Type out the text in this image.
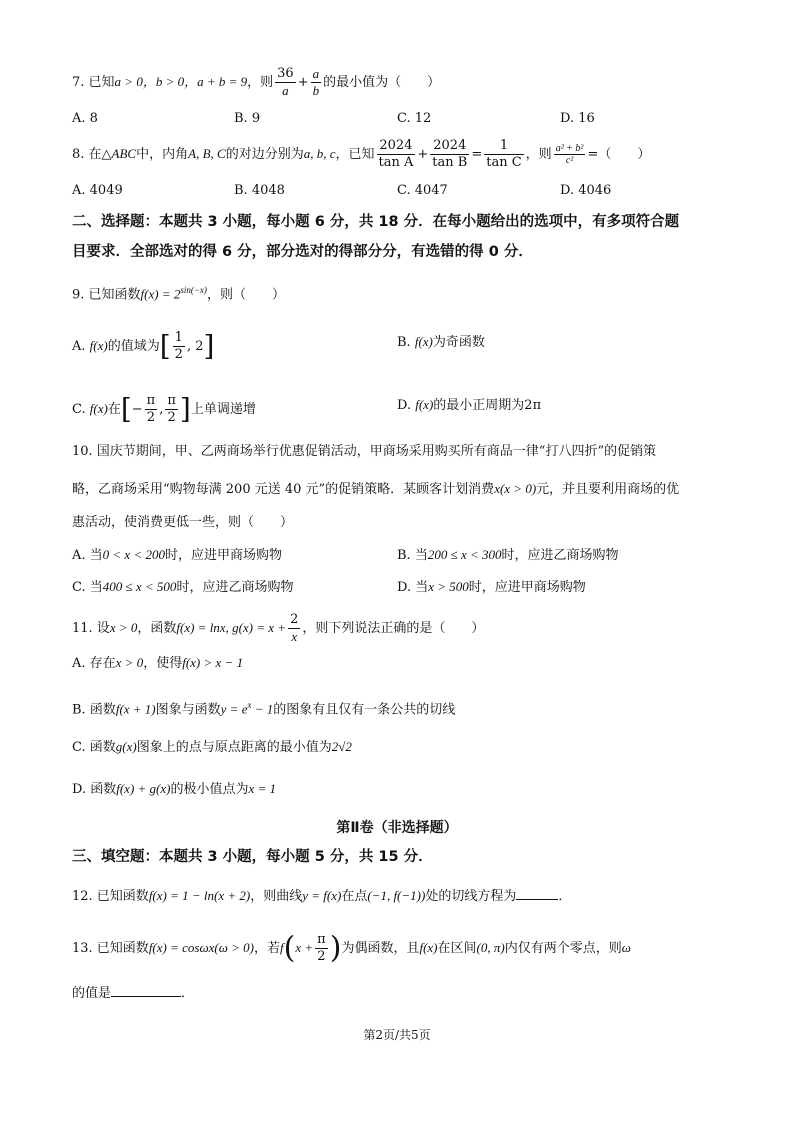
7. 已知a > 0，b > 0，a + b = 9，则 $\frac{36}{a} + \frac{a}{b}$ 的最小值为（　　）
A. 8	B. 9	C. 12	D. 16
8. 在△ABC中，内角A, B, C的对边分别为a, b, c，已知 $\frac{2024}{\text{tan A}} + \frac{2024}{\text{tan B}} = \frac{1}{\text{tan C}}$ ，则 $\frac{\text{a² + b²}}{\text{c²}}$ =（　　）
A. 4049	B. 4048	C. 4047	D. 4046
二、选择题：本题共 3 小题，每小题 6 分，共 18 分．在每小题给出的选项中，有多项符合题
目要求．全部选对的得 6 分，部分选对的得部分分，有选错的得 0 分．
9. 已知函数$f(x) = 2^{sin(-x)}$，则（　　）
A. f(x)的值域为[ $\frac{1}{2}$ , 2]	B. f(x)为奇函数
C. f(x)在[− $\frac{\pi}{2}$ , $\frac{\pi}{2}$ ]上单调递增	D. f(x)的最小正周期为2π
10. 国庆节期间，甲、乙两商场举行优惠促销活动，甲商场采用购买所有商品一律“打八四折”的促销策
略，乙商场采用“购物每满 200 元送 40 元”的促销策略．某顾客计划消费x(x > 0)元，并且要利用商场的优
惠活动，使消费更低一些，则（　　）
A. 当0 < x < 200时，应进甲商场购物	B. 当200 ≤ x < 300时，应进乙商场购物
C. 当400 ≤ x < 500时，应进乙商场购物	D. 当x > 500时，应进甲商场购物
11. 设x > 0，函数f(x) = lnx, $g(x) = x + \frac{2}{x}$ ，则下列说法正确的是（　　）
A. 存在x > 0，使得f(x) > x − 1
B. 函数f(x + 1)图象与函数$y = e^x - 1$的图象有且仅有一条公共的切线
C. 函数g(x)图象上的点与原点距离的最小值为2√2
D. 函数f(x) + g(x)的极小值点为x = 1
第Ⅱ卷（非选择题）
三、填空题：本题共 3 小题，每小题 5 分，共 15 分．
12. 已知函数f(x) = 1 − ln(x + 2)，则曲线y = f(x)在点(−1, f(−1))处的切线方程为	．
13. 已知函数f(x) = cosωx(ω > 0)，若$f(x + \frac{\pi}{2}$ )为偶函数，且f(x)在区间(0, π)内仅有两个零点，则ω
的值是	．
第2页/共5页
